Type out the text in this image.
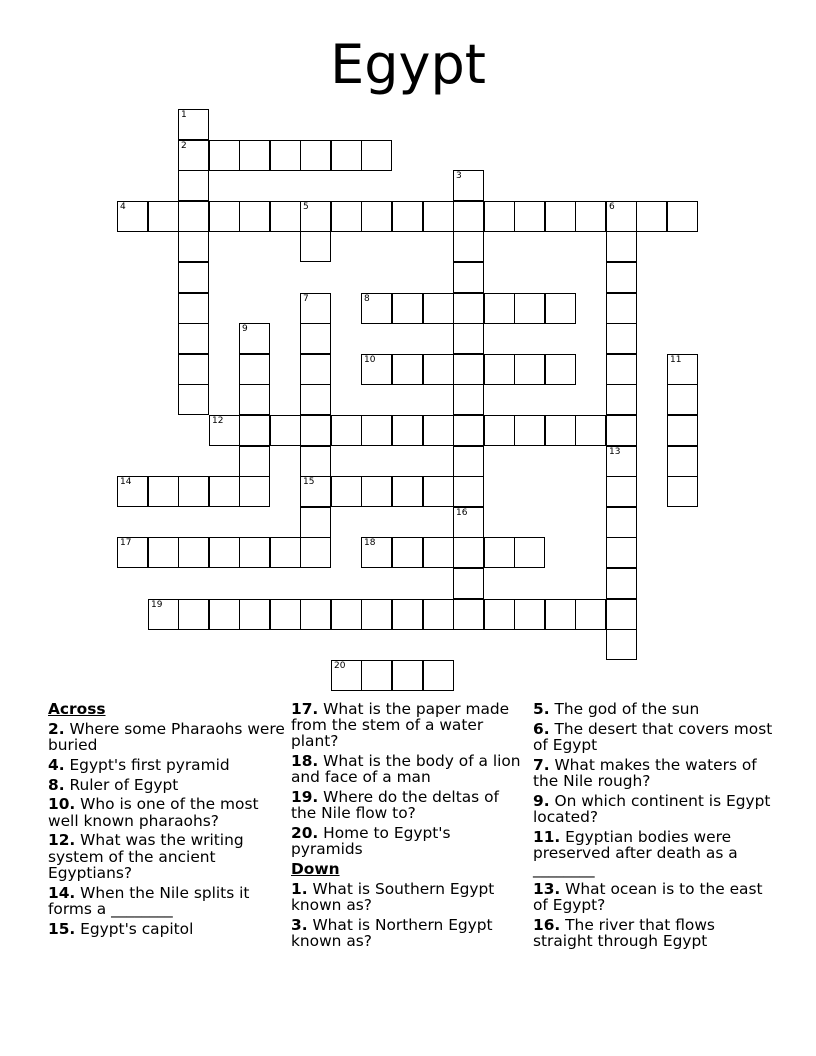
Egypt
1
2
3
4	5	6
7
15
8
9
10	11
12
13
14
16
17	18
19
20
Across
2. Where some Pharaohs were buried
4. Egypt's first pyramid
8. Ruler of Egypt
10. Who is one of the most well known pharaohs?
12. What was the writing system of the ancient Egyptians?
14. When the Nile splits it forms a ________
15. Egypt's capitol
17. What is the paper made from the stem of a water plant?
18. What is the body of a lion and face of a man
19. Where do the deltas of the Nile flow to?
20. Home to Egypt's pyramids
Down
1. What is Southern Egypt known as?
3. What is Northern Egypt known as?
5. The god of the sun
6. The desert that covers most of Egypt
7. What makes the waters of the Nile rough?
9. On which continent is Egypt located?
11. Egyptian bodies were preserved after death as a ________
13. What ocean is to the east of Egypt?
16. The river that flows straight through Egypt
